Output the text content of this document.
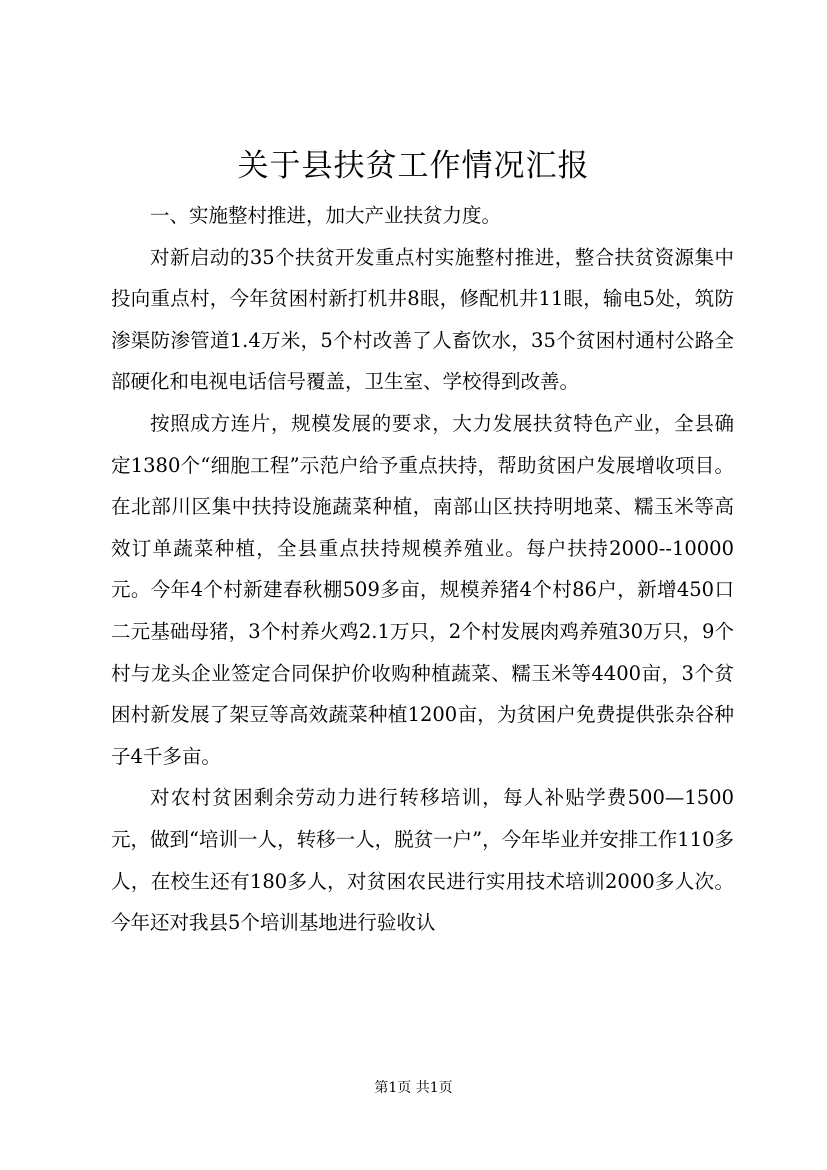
关于县扶贫工作情况汇报

一、实施整村推进，加大产业扶贫力度。

对新启动的35个扶贫开发重点村实施整村推进，整合扶贫资源集中投向重点村，今年贫困村新打机井8眼，修配机井11眼，输电5处，筑防渗渠防渗管道1.4万米，5个村改善了人畜饮水，35个贫困村通村公路全部硬化和电视电话信号覆盖，卫生室、学校得到改善。

按照成方连片，规模发展的要求，大力发展扶贫特色产业，全县确定1380个“细胞工程”示范户给予重点扶持，帮助贫困户发展增收项目。在北部川区集中扶持设施蔬菜种植，南部山区扶持明地菜、糯玉米等高效订单蔬菜种植，全县重点扶持规模养殖业。每户扶持2000--10000元。今年4个村新建春秋棚509多亩，规模养猪4个村86户，新增450口二元基础母猪，3个村养火鸡2.1万只，2个村发展肉鸡养殖30万只，9个村与龙头企业签定合同保护价收购种植蔬菜、糯玉米等4400亩，3个贫困村新发展了架豆等高效蔬菜种植1200亩，为贫困户免费提供张杂谷种子4千多亩。

对农村贫困剩余劳动力进行转移培训，每人补贴学费500—1500元，做到“培训一人，转移一人，脱贫一户”，今年毕业并安排工作110多人，在校生还有180多人，对贫困农民进行实用技术培训2000多人次。今年还对我县5个培训基地进行验收认

第1页 共1页
